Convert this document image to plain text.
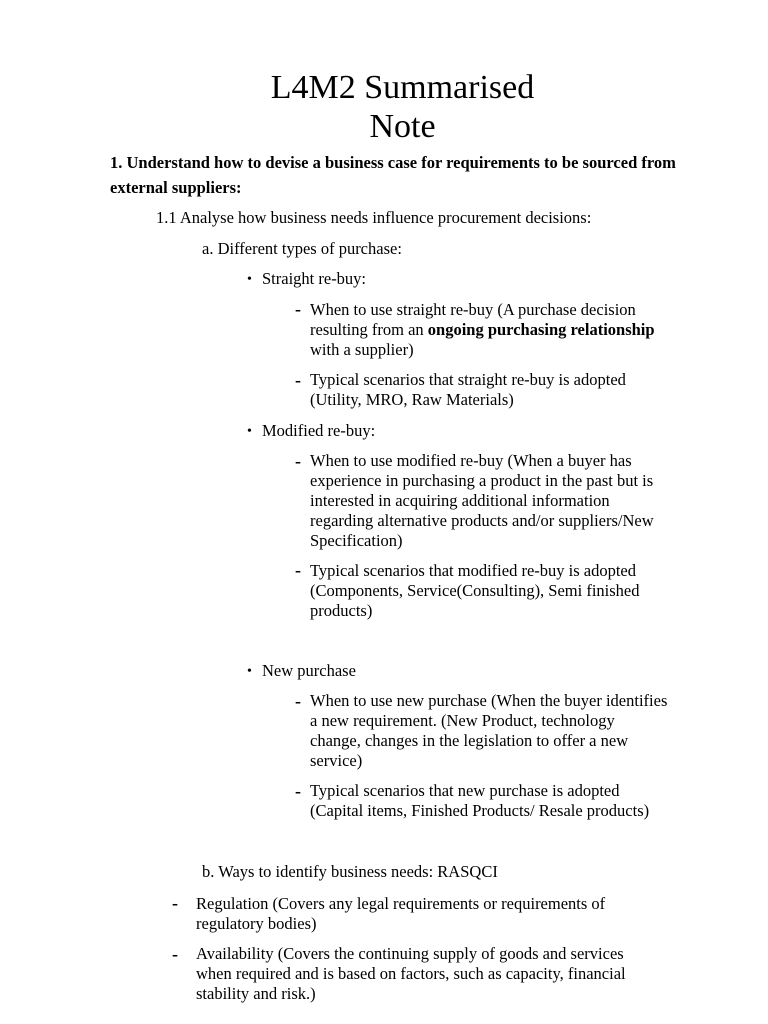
L4M2 Summarised
Note
1. Understand how to devise a business case for requirements to be sourced from external suppliers:
1.1 Analyse how business needs influence procurement decisions:
a. Different types of purchase:
• Straight re-buy:
- When to use straight re-buy (A purchase decision
resulting from an ongoing purchasing relationship
with a supplier)
- Typical scenarios that straight re-buy is adopted
(Utility, MRO, Raw Materials)
• Modified re-buy:
- When to use modified re-buy (When a buyer has
experience in purchasing a product in the past but is
interested in acquiring additional information
regarding alternative products and/or suppliers/New
Specification)
- Typical scenarios that modified re-buy is adopted
(Components, Service(Consulting), Semi finished
products)
• New purchase
- When to use new purchase (When the buyer identifies
a new requirement. (New Product, technology
change, changes in the legislation to offer a new
service)
- Typical scenarios that new purchase is adopted
(Capital items, Finished Products/ Resale products)
b. Ways to identify business needs: RASQCI
- Regulation (Covers any legal requirements or requirements of
regulatory bodies)
- Availability (Covers the continuing supply of goods and services
when required and is based on factors, such as capacity, financial
stability and risk.)
